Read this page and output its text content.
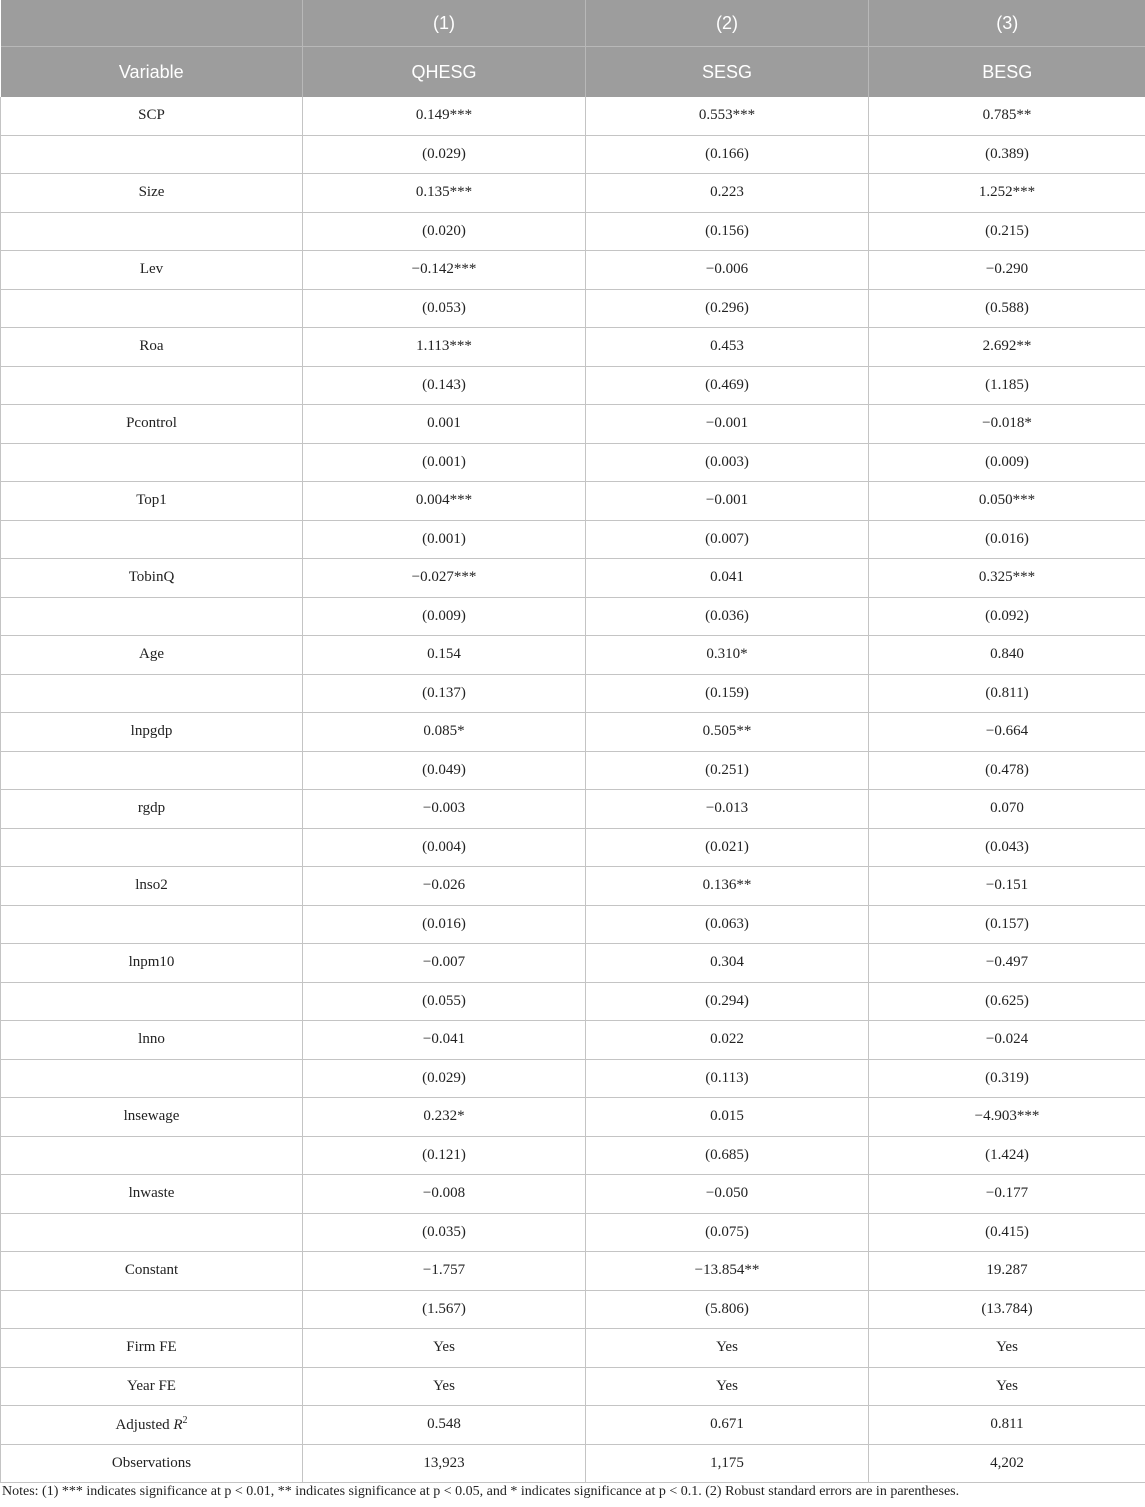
	(1)	(2)	(3)
Variable	QHESG	SESG	BESG
SCP	0.149***	0.553***	0.785**
	(0.029)	(0.166)	(0.389)
Size	0.135***	0.223	1.252***
	(0.020)	(0.156)	(0.215)
Lev	−0.142***	−0.006	−0.290
	(0.053)	(0.296)	(0.588)
Roa	1.113***	0.453	2.692**
	(0.143)	(0.469)	(1.185)
Pcontrol	0.001	−0.001	−0.018*
	(0.001)	(0.003)	(0.009)
Top1	0.004***	−0.001	0.050***
	(0.001)	(0.007)	(0.016)
TobinQ	−0.027***	0.041	0.325***
	(0.009)	(0.036)	(0.092)
Age	0.154	0.310*	0.840
	(0.137)	(0.159)	(0.811)
lnpgdp	0.085*	0.505**	−0.664
	(0.049)	(0.251)	(0.478)
rgdp	−0.003	−0.013	0.070
	(0.004)	(0.021)	(0.043)
lnso2	−0.026	0.136**	−0.151
	(0.016)	(0.063)	(0.157)
lnpm10	−0.007	0.304	−0.497
	(0.055)	(0.294)	(0.625)
lnno	−0.041	0.022	−0.024
	(0.029)	(0.113)	(0.319)
lnsewage	0.232*	0.015	−4.903***
	(0.121)	(0.685)	(1.424)
lnwaste	−0.008	−0.050	−0.177
	(0.035)	(0.075)	(0.415)
Constant	−1.757	−13.854**	19.287
	(1.567)	(5.806)	(13.784)
Firm FE	Yes	Yes	Yes
Year FE	Yes	Yes	Yes
Adjusted $R^2$	0.548	0.671	0.811
Observations	13,923	1,175	4,202
Notes: (1) *** indicates significance at p < 0.01, ** indicates significance at p < 0.05, and * indicates significance at p < 0.1. (2) Robust standard errors are in parentheses.
